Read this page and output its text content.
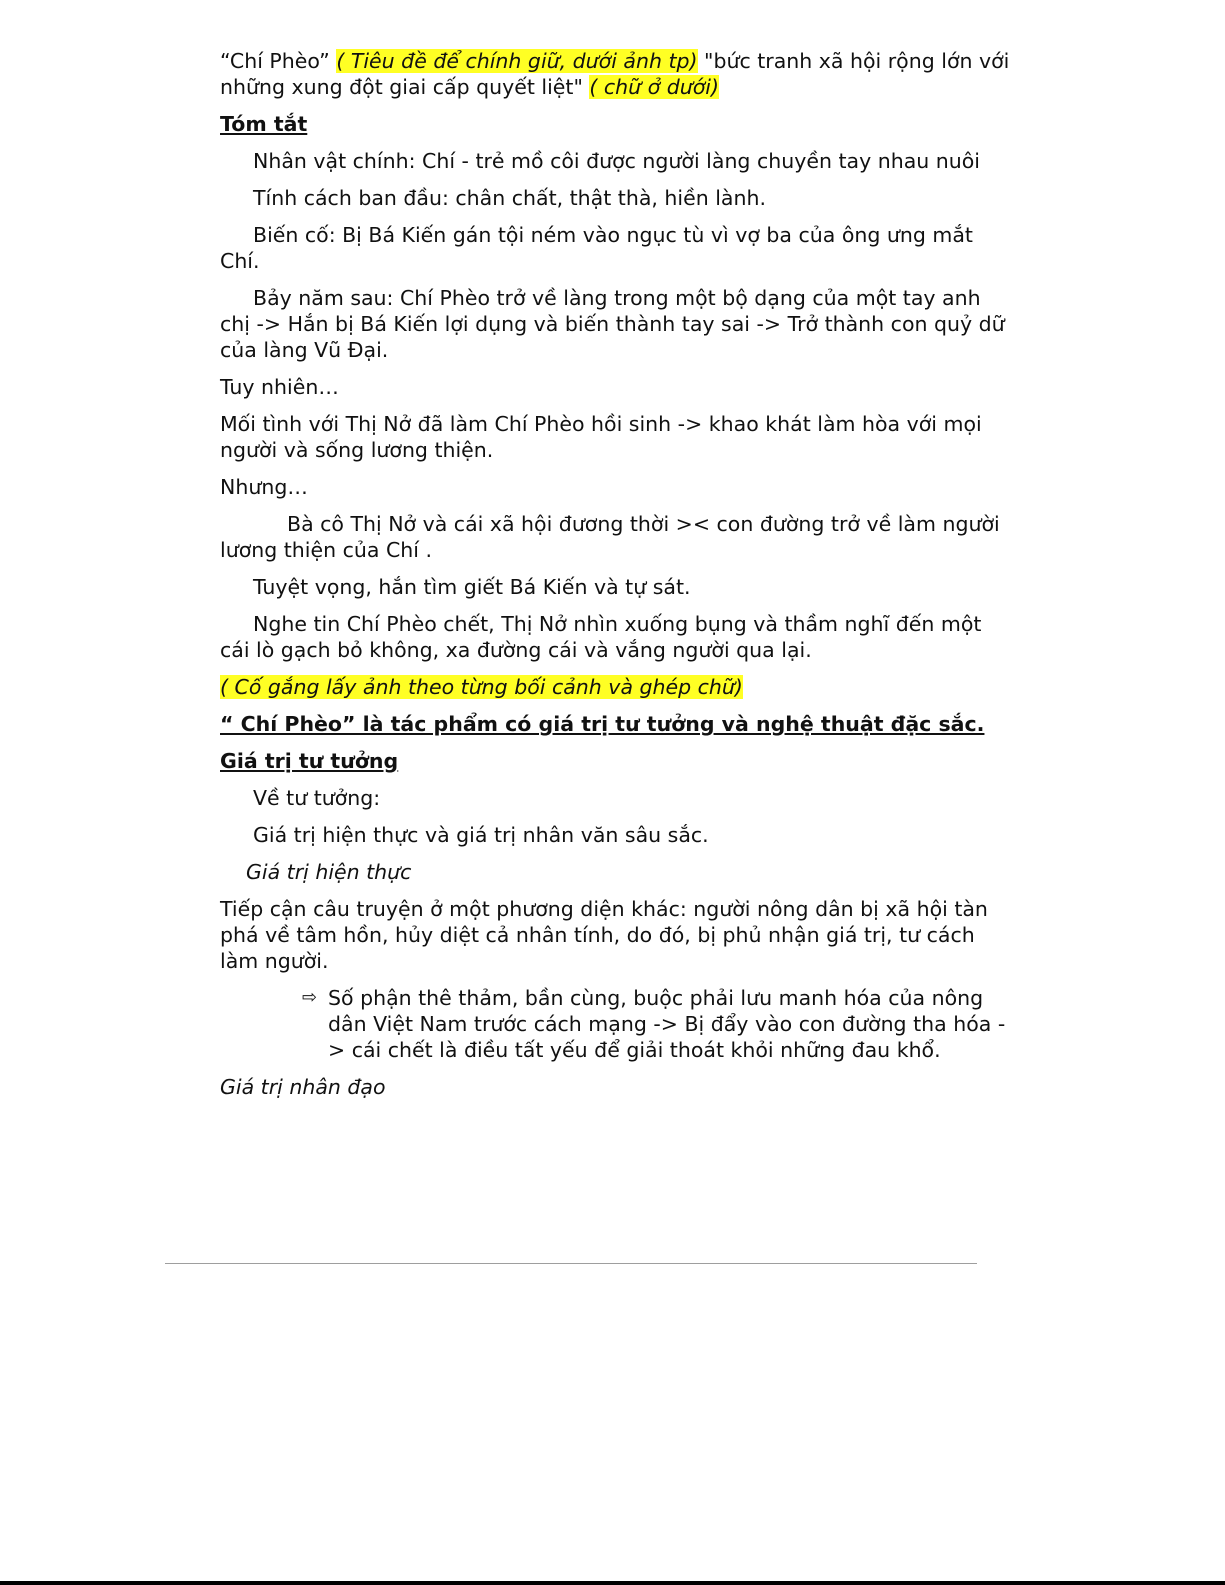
“Chí Phèo” ( Tiêu đề để chính giữ, dưới ảnh tp) "bức tranh xã hội rộng lớn với những xung đột giai cấp quyết liệt" ( chữ ở dưới)

Tóm tắt

Nhân vật chính: Chí - trẻ mồ côi được người làng chuyền tay nhau nuôi

Tính cách ban đầu: chân chất, thật thà, hiền lành.

Biến cố: Bị Bá Kiến gán tội ném vào ngục tù vì vợ ba của ông ưng mắt Chí.

Bảy năm sau: Chí Phèo trở về làng trong một bộ dạng của một tay anh chị -> Hắn bị Bá Kiến lợi dụng và biến thành tay sai -> Trở thành con quỷ dữ của làng Vũ Đại.

Tuy nhiên…

Mối tình với Thị Nở đã làm Chí Phèo hồi sinh -> khao khát làm hòa với mọi người và sống lương thiện.

Nhưng…

Bà cô Thị Nở và cái xã hội đương thời >< con đường trở về làm người lương thiện của Chí .

Tuyệt vọng, hắn tìm giết Bá Kiến và tự sát.

Nghe tin Chí Phèo chết, Thị Nở nhìn xuống bụng và thầm nghĩ đến một cái lò gạch bỏ không, xa đường cái và vắng người qua lại.

( Cố gắng lấy ảnh theo từng bối cảnh và ghép chữ)

“ Chí Phèo” là tác phẩm có giá trị tư tưởng và nghệ thuật đặc sắc.

Giá trị tư tưởng

Về tư tưởng:

Giá trị hiện thực và giá trị nhân văn sâu sắc.

Giá trị hiện thực

Tiếp cận câu truyện ở một phương diện khác: người nông dân bị xã hội tàn phá về tâm hồn, hủy diệt cả nhân tính, do đó, bị phủ nhận giá trị, tư cách làm người.

⇨ Số phận thê thảm, bần cùng, buộc phải lưu manh hóa của nông dân Việt Nam trước cách mạng -> Bị đẩy vào con đường tha hóa -> cái chết là điều tất yếu để giải thoát khỏi những đau khổ.

Giá trị nhân đạo
